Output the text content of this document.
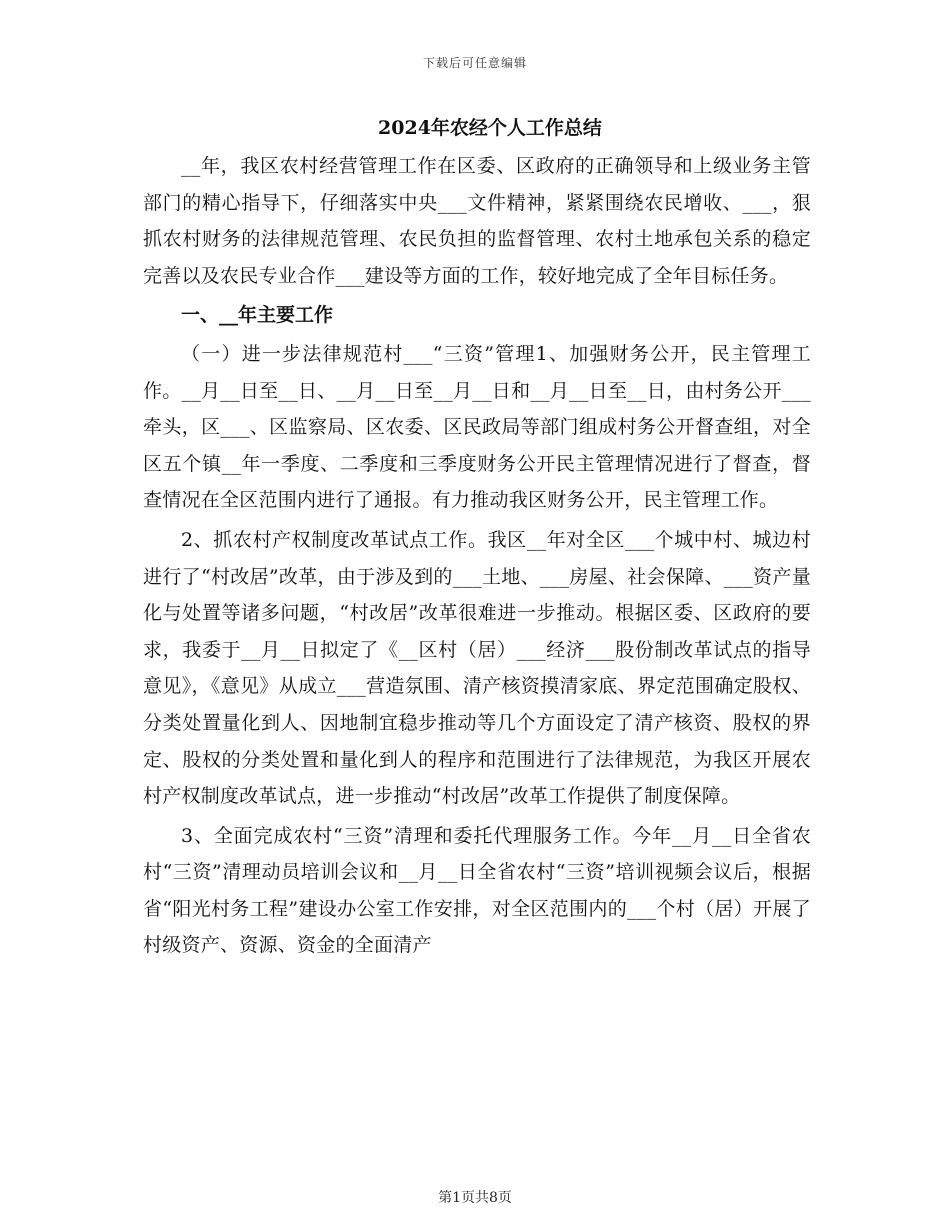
下载后可任意编辑
2024年农经个人工作总结

__年，我区农村经营管理工作在区委、区政府的正确领导和上级业务主管部门的精心指导下，仔细落实中央___文件精神，紧紧围绕农民增收、___，狠抓农村财务的法律规范管理、农民负担的监督管理、农村土地承包关系的稳定完善以及农民专业合作___建设等方面的工作，较好地完成了全年目标任务。

一、__年主要工作

（一）进一步法律规范村___“三资”管理1、加强财务公开，民主管理工作。__月__日至__日、__月__日至__月__日和__月__日至__日，由村务公开___牵头，区___、区监察局、区农委、区民政局等部门组成村务公开督查组，对全区五个镇__年一季度、二季度和三季度财务公开民主管理情况进行了督查，督查情况在全区范围内进行了通报。有力推动我区财务公开，民主管理工作。

2、抓农村产权制度改革试点工作。我区__年对全区___个城中村、城边村进行了“村改居”改革，由于涉及到的___土地、___房屋、社会保障、___资产量化与处置等诸多问题，“村改居”改革很难进一步推动。根据区委、区政府的要求，我委于__月__日拟定了《__区村（居）___经济___股份制改革试点的指导意见》，《意见》从成立___营造氛围、清产核资摸清家底、界定范围确定股权、分类处置量化到人、因地制宜稳步推动等几个方面设定了清产核资、股权的界定、股权的分类处置和量化到人的程序和范围进行了法律规范，为我区开展农村产权制度改革试点，进一步推动“村改居”改革工作提供了制度保障。

3、全面完成农村“三资”清理和委托代理服务工作。今年__月__日全省农村“三资”清理动员培训会议和__月__日全省农村“三资”培训视频会议后，根据省“阳光村务工程”建设办公室工作安排，对全区范围内的___个村（居）开展了村级资产、资源、资金的全面清产

第1页共8页
